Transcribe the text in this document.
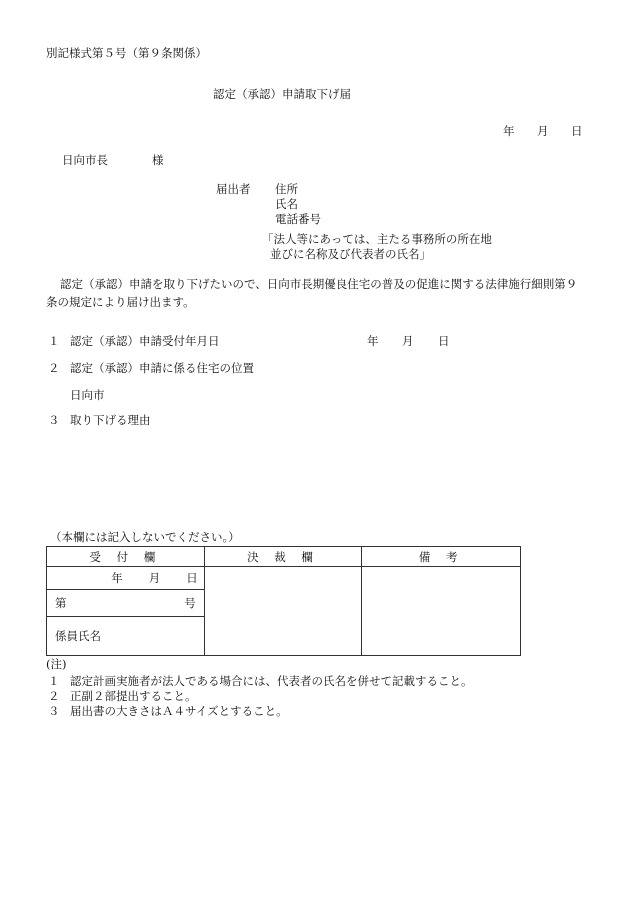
別記様式第５号（第９条関係）
認定（承認）申請取下げ届
年 月 日
日向市長	様
届出者 住所
氏名
電話番号
「法人等にあっては、主たる事務所の所在地
並びに名称及び代表者の氏名」
認定（承認）申請を取り下げたいので、日向市長期優良住宅の普及の促進に関する法律施行細則第９
条の規定により届け出ます。
１ 認定（承認）申請受付年月日	年 月 日
２ 認定（承認）申請に係る住宅の位置
日向市
３ 取り下げる理由
（本欄には記入しないでください。）
受 付 欄	決 裁 欄	備 考
年 月 日		

第 号		

係員氏名		
(注)
１ 認定計画実施者が法人である場合には、代表者の氏名を併せて記載すること。
２ 正副２部提出すること。
３ 届出書の大きさはＡ４サイズとすること。
